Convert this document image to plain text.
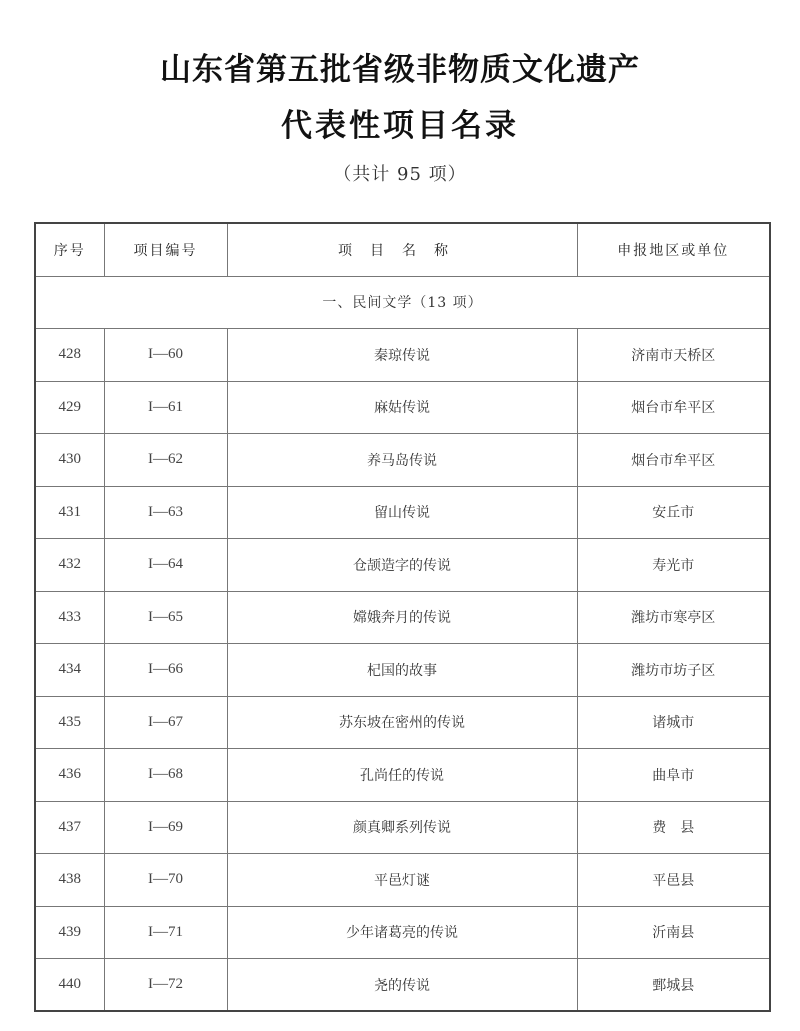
山东省第五批省级非物质文化遗产
代表性项目名录
（共计 95 项）
序号	项目编号	项目名称	申报地区或单位
一、民间文学（13 项）			
428	I—60	秦琼传说	济南市天桥区
429	I—61	麻姑传说	烟台市牟平区
430	I—62	养马岛传说	烟台市牟平区
431	I—63	留山传说	安丘市
432	I—64	仓颉造字的传说	寿光市
433	I—65	嫦娥奔月的传说	潍坊市寒亭区
434	I—66	杞国的故事	潍坊市坊子区
435	I—67	苏东坡在密州的传说	诸城市
436	I—68	孔尚任的传说	曲阜市
437	I—69	颜真卿系列传说	费　县
438	I—70	平邑灯谜	平邑县
439	I—71	少年诸葛亮的传说	沂南县
440	I—72	尧的传说	鄄城县
